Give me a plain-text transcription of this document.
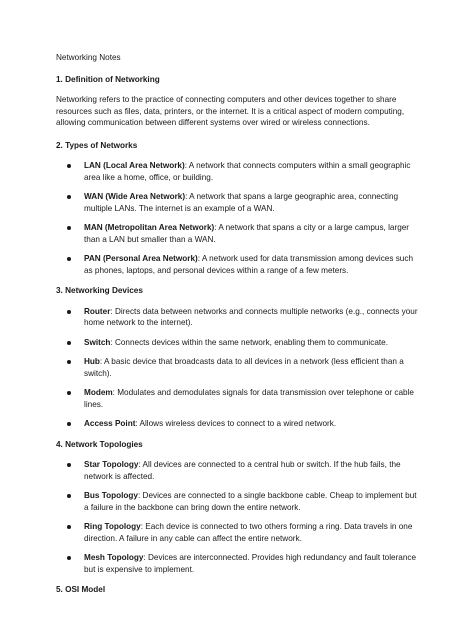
Networking Notes

1. Definition of Networking

Networking refers to the practice of connecting computers and other devices together to share resources such as files, data, printers, or the internet. It is a critical aspect of modern computing, allowing communication between different systems over wired or wireless connections.

2. Types of Networks

LAN (Local Area Network): A network that connects computers within a small geographic area like a home, office, or building.
WAN (Wide Area Network): A network that spans a large geographic area, connecting multiple LANs. The internet is an example of a WAN.
MAN (Metropolitan Area Network): A network that spans a city or a large campus, larger than a LAN but smaller than a WAN.
PAN (Personal Area Network): A network used for data transmission among devices such as phones, laptops, and personal devices within a range of a few meters.

3. Networking Devices

Router: Directs data between networks and connects multiple networks (e.g., connects your home network to the internet).
Switch: Connects devices within the same network, enabling them to communicate.
Hub: A basic device that broadcasts data to all devices in a network (less efficient than a switch).
Modem: Modulates and demodulates signals for data transmission over telephone or cable lines.
Access Point: Allows wireless devices to connect to a wired network.

4. Network Topologies

Star Topology: All devices are connected to a central hub or switch. If the hub fails, the network is affected.
Bus Topology: Devices are connected to a single backbone cable. Cheap to implement but a failure in the backbone can bring down the entire network.
Ring Topology: Each device is connected to two others forming a ring. Data travels in one direction. A failure in any cable can affect the entire network.
Mesh Topology: Devices are interconnected. Provides high redundancy and fault tolerance but is expensive to implement.

5. OSI Model
